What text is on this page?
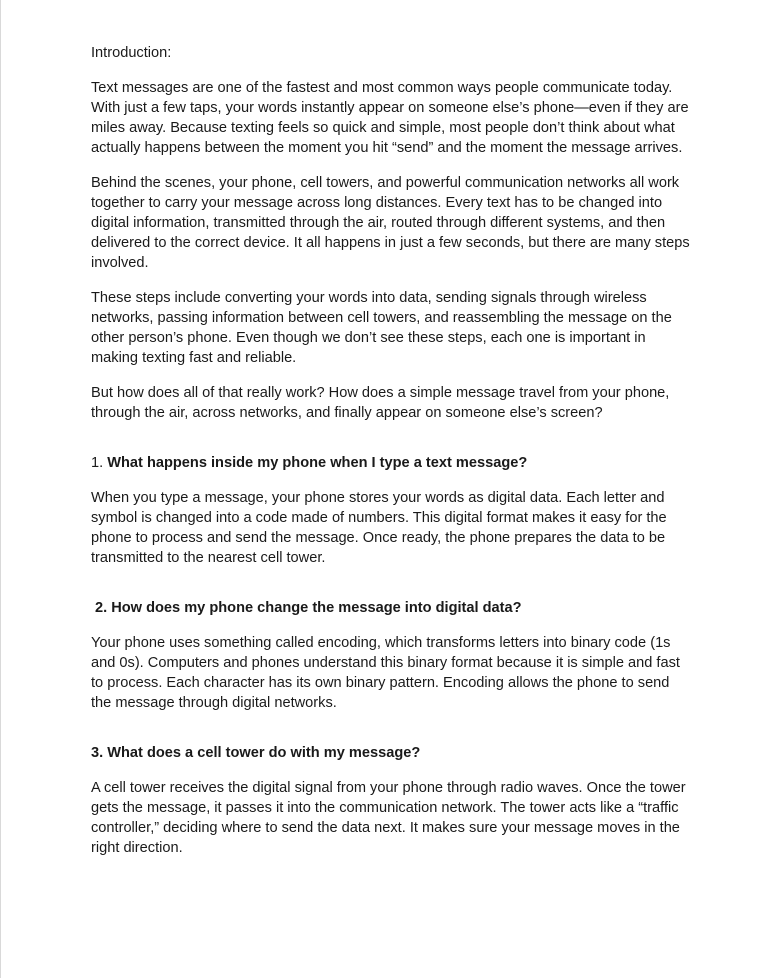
Introduction:

Text messages are one of the fastest and most common ways people communicate today. With just a few taps, your words instantly appear on someone else’s phone—even if they are miles away. Because texting feels so quick and simple, most people don’t think about what actually happens between the moment you hit “send” and the moment the message arrives.

Behind the scenes, your phone, cell towers, and powerful communication networks all work together to carry your message across long distances. Every text has to be changed into digital information, transmitted through the air, routed through different systems, and then delivered to the correct device. It all happens in just a few seconds, but there are many steps involved.

These steps include converting your words into data, sending signals through wireless networks, passing information between cell towers, and reassembling the message on the other person’s phone. Even though we don’t see these steps, each one is important in making texting fast and reliable.

But how does all of that really work? How does a simple message travel from your phone, through the air, across networks, and finally appear on someone else’s screen?

1. What happens inside my phone when I type a text message?

When you type a message, your phone stores your words as digital data. Each letter and symbol is changed into a code made of numbers. This digital format makes it easy for the phone to process and send the message. Once ready, the phone prepares the data to be transmitted to the nearest cell tower.

2. How does my phone change the message into digital data?

Your phone uses something called encoding, which transforms letters into binary code (1s and 0s). Computers and phones understand this binary format because it is simple and fast to process. Each character has its own binary pattern. Encoding allows the phone to send the message through digital networks.

3. What does a cell tower do with my message?

A cell tower receives the digital signal from your phone through radio waves. Once the tower gets the message, it passes it into the communication network. The tower acts like a “traffic controller,” deciding where to send the data next. It makes sure your message moves in the right direction.
